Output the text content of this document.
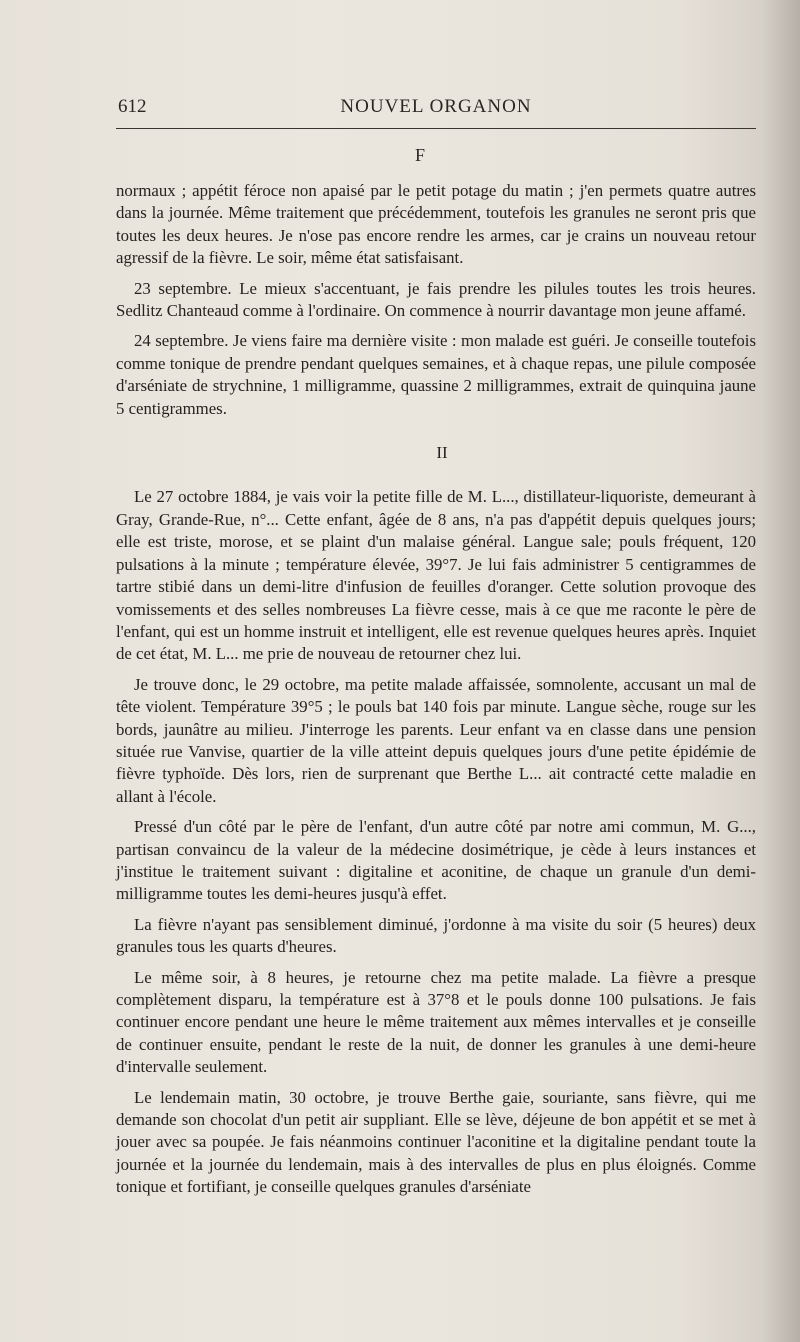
612	NOUVEL ORGANON
F

normaux ; appétit féroce non apaisé par le petit potage du matin ; j'en permets quatre autres dans la journée. Même traitement que précédemment, toutefois les granules ne seront pris que toutes les deux heures. Je n'ose pas encore rendre les armes, car je crains un nouveau retour agressif de la fièvre. Le soir, même état satisfaisant.

23 septembre. Le mieux s'accentuant, je fais prendre les pilules toutes les trois heures. Sedlitz Chanteaud comme à l'ordinaire. On commence à nourrir davantage mon jeune affamé.

24 septembre. Je viens faire ma dernière visite : mon malade est guéri. Je conseille toutefois comme tonique de prendre pendant quelques semaines, et à chaque repas, une pilule composée d'arséniate de strychnine, 1 milligramme, quassine 2 milligrammes, extrait de quinquina jaune 5 centigrammes.

II

Le 27 octobre 1884, je vais voir la petite fille de M. L..., distillateur-liquoriste, demeurant à Gray, Grande-Rue, n°... Cette enfant, âgée de 8 ans, n'a pas d'appétit depuis quelques jours; elle est triste, morose, et se plaint d'un malaise général. Langue sale; pouls fréquent, 120 pulsations à la minute ; température élevée, 39°7. Je lui fais administrer 5 centigrammes de tartre stibié dans un demi-litre d'infusion de feuilles d'oranger. Cette solution provoque des vomissements et des selles nombreuses La fièvre cesse, mais à ce que me raconte le père de l'enfant, qui est un homme instruit et intelligent, elle est revenue quelques heures après. Inquiet de cet état, M. L... me prie de nouveau de retourner chez lui.

Je trouve donc, le 29 octobre, ma petite malade affaissée, somnolente, accusant un mal de tête violent. Température 39°5 ; le pouls bat 140 fois par minute. Langue sèche, rouge sur les bords, jaunâtre au milieu. J'interroge les parents. Leur enfant va en classe dans une pension située rue Vanvise, quartier de la ville atteint depuis quelques jours d'une petite épidémie de fièvre typhoïde. Dès lors, rien de surprenant que Berthe L... ait contracté cette maladie en allant à l'école.

Pressé d'un côté par le père de l'enfant, d'un autre côté par notre ami commun, M. G..., partisan convaincu de la valeur de la médecine dosimétrique, je cède à leurs instances et j'institue le traitement suivant : digitaline et aconitine, de chaque un granule d'un demi-milligramme toutes les demi-heures jusqu'à effet.

La fièvre n'ayant pas sensiblement diminué, j'ordonne à ma visite du soir (5 heures) deux granules tous les quarts d'heures.

Le même soir, à 8 heures, je retourne chez ma petite malade. La fièvre a presque complètement disparu, la température est à 37°8 et le pouls donne 100 pulsations. Je fais continuer encore pendant une heure le même traitement aux mêmes intervalles et je conseille de continuer ensuite, pendant le reste de la nuit, de donner les granules à une demi-heure d'intervalle seulement.

Le lendemain matin, 30 octobre, je trouve Berthe gaie, souriante, sans fièvre, qui me demande son chocolat d'un petit air suppliant. Elle se lève, déjeune de bon appétit et se met à jouer avec sa poupée. Je fais néanmoins continuer l'aconitine et la digitaline pendant toute la journée et la journée du lendemain, mais à des intervalles de plus en plus éloignés. Comme tonique et fortifiant, je conseille quelques granules d'arséniate
